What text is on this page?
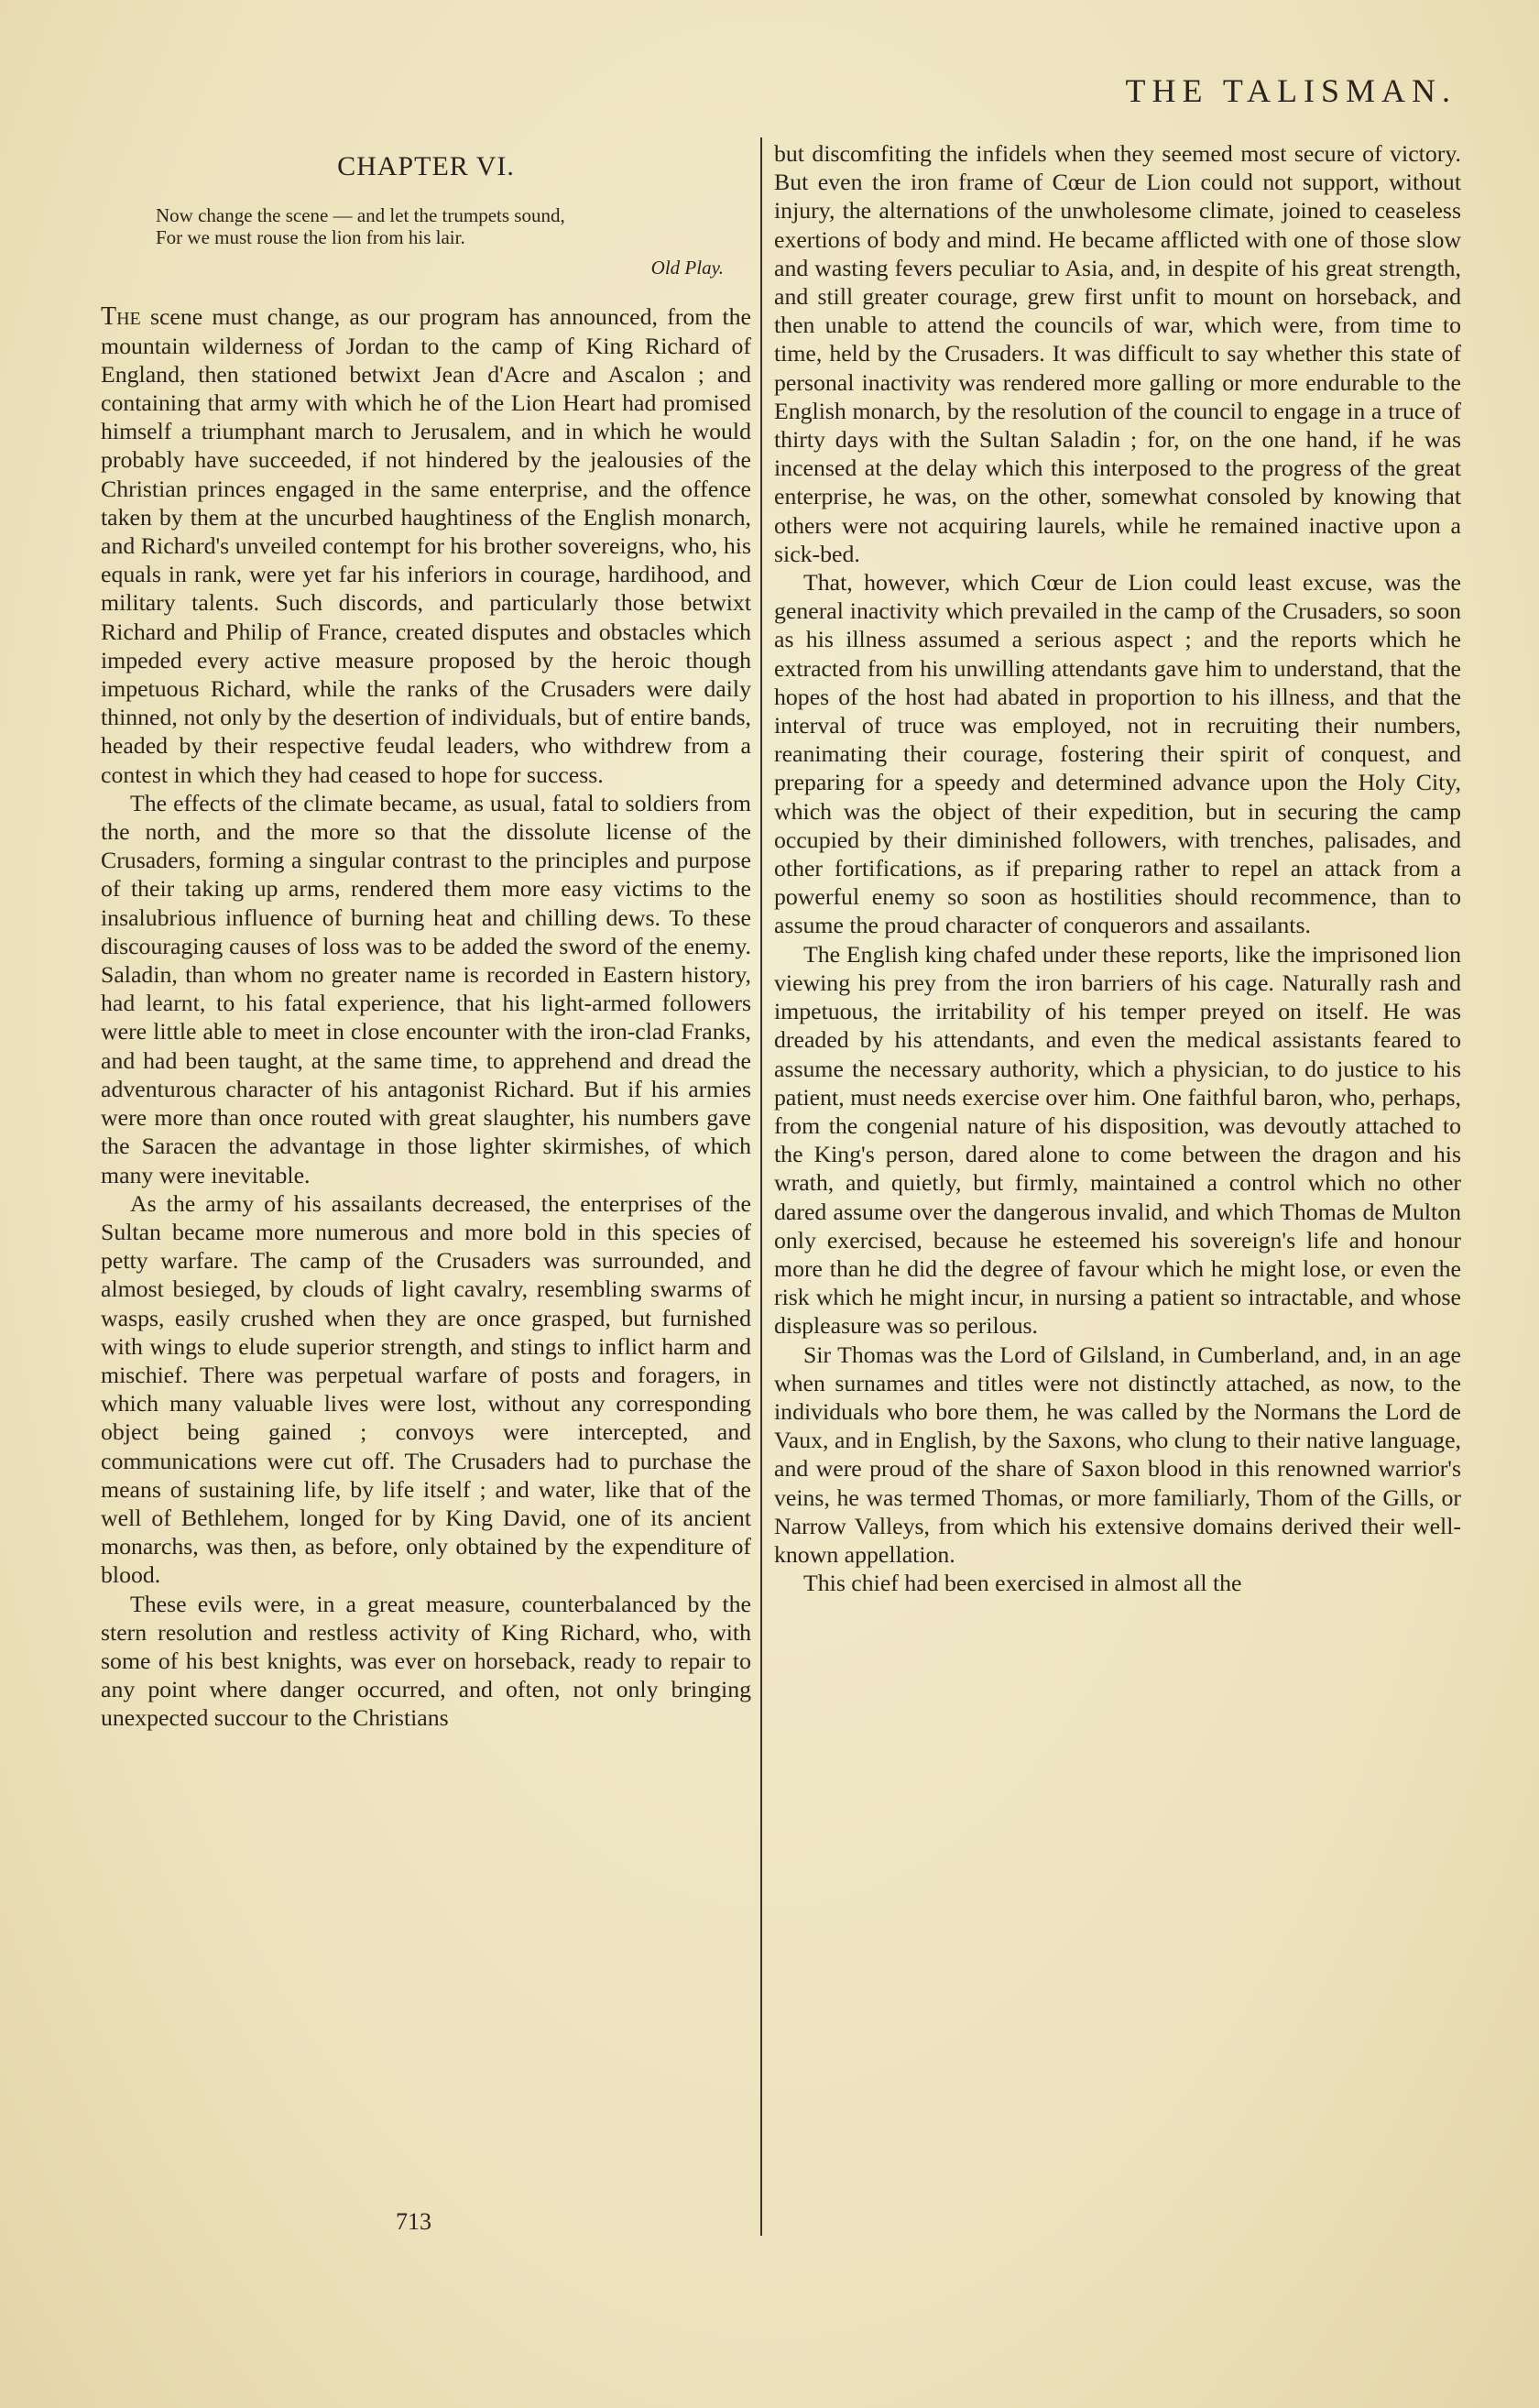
THE TALISMAN.
CHAPTER VI.
Now change the scene — and let the trumpets sound,
For we must rouse the lion from his lair.
Old Play.

The scene must change, as our program has announced, from the mountain wilderness of Jordan to the camp of King Richard of England, then stationed betwixt Jean d'Acre and Ascalon ; and containing that army with which he of the Lion Heart had promised himself a triumphant march to Jerusalem, and in which he would probably have succeeded, if not hindered by the jealousies of the Christian princes engaged in the same enterprise, and the offence taken by them at the uncurbed haughtiness of the English monarch, and Richard's unveiled contempt for his brother sovereigns, who, his equals in rank, were yet far his inferiors in courage, hardihood, and military talents. Such discords, and particularly those betwixt Richard and Philip of France, created disputes and obstacles which impeded every active measure proposed by the heroic though impetuous Richard, while the ranks of the Crusaders were daily thinned, not only by the desertion of individuals, but of entire bands, headed by their respective feudal leaders, who withdrew from a contest in which they had ceased to hope for success.

The effects of the climate became, as usual, fatal to soldiers from the north, and the more so that the dissolute license of the Crusaders, forming a singular contrast to the principles and purpose of their taking up arms, rendered them more easy victims to the insalubrious influence of burning heat and chilling dews. To these discouraging causes of loss was to be added the sword of the enemy. Saladin, than whom no greater name is recorded in Eastern history, had learnt, to his fatal experience, that his light-armed followers were little able to meet in close encounter with the iron-clad Franks, and had been taught, at the same time, to apprehend and dread the adventurous character of his antagonist Richard. But if his armies were more than once routed with great slaughter, his numbers gave the Saracen the advantage in those lighter skirmishes, of which many were inevitable.

As the army of his assailants decreased, the enterprises of the Sultan became more numerous and more bold in this species of petty warfare. The camp of the Crusaders was surrounded, and almost besieged, by clouds of light cavalry, resembling swarms of wasps, easily crushed when they are once grasped, but furnished with wings to elude superior strength, and stings to inflict harm and mischief. There was perpetual warfare of posts and foragers, in which many valuable lives were lost, without any corresponding object being gained ; convoys were intercepted, and communications were cut off. The Crusaders had to purchase the means of sustaining life, by life itself ; and water, like that of the well of Bethlehem, longed for by King David, one of its ancient monarchs, was then, as before, only obtained by the expenditure of blood.

These evils were, in a great measure, counterbalanced by the stern resolution and restless activity of King Richard, who, with some of his best knights, was ever on horseback, ready to repair to any point where danger occurred, and often, not only bringing unexpected succour to the Christians

but discomfiting the infidels when they seemed most secure of victory. But even the iron frame of Cœur de Lion could not support, without injury, the alternations of the unwholesome climate, joined to ceaseless exertions of body and mind. He became afflicted with one of those slow and wasting fevers peculiar to Asia, and, in despite of his great strength, and still greater courage, grew first unfit to mount on horseback, and then unable to attend the councils of war, which were, from time to time, held by the Crusaders. It was difficult to say whether this state of personal inactivity was rendered more galling or more endurable to the English monarch, by the resolution of the council to engage in a truce of thirty days with the Sultan Saladin ; for, on the one hand, if he was incensed at the delay which this interposed to the progress of the great enterprise, he was, on the other, somewhat consoled by knowing that others were not acquiring laurels, while he remained inactive upon a sick-bed.

That, however, which Cœur de Lion could least excuse, was the general inactivity which prevailed in the camp of the Crusaders, so soon as his illness assumed a serious aspect ; and the reports which he extracted from his unwilling attendants gave him to understand, that the hopes of the host had abated in proportion to his illness, and that the interval of truce was employed, not in recruiting their numbers, reanimating their courage, fostering their spirit of conquest, and preparing for a speedy and determined advance upon the Holy City, which was the object of their expedition, but in securing the camp occupied by their diminished followers, with trenches, palisades, and other fortifications, as if preparing rather to repel an attack from a powerful enemy so soon as hostilities should recommence, than to assume the proud character of conquerors and assailants.

The English king chafed under these reports, like the imprisoned lion viewing his prey from the iron barriers of his cage. Naturally rash and impetuous, the irritability of his temper preyed on itself. He was dreaded by his attendants, and even the medical assistants feared to assume the necessary authority, which a physician, to do justice to his patient, must needs exercise over him. One faithful baron, who, perhaps, from the congenial nature of his disposition, was devoutly attached to the King's person, dared alone to come between the dragon and his wrath, and quietly, but firmly, maintained a control which no other dared assume over the dangerous invalid, and which Thomas de Multon only exercised, because he esteemed his sovereign's life and honour more than he did the degree of favour which he might lose, or even the risk which he might incur, in nursing a patient so intractable, and whose displeasure was so perilous.

Sir Thomas was the Lord of Gilsland, in Cumberland, and, in an age when surnames and titles were not distinctly attached, as now, to the individuals who bore them, he was called by the Normans the Lord de Vaux, and in English, by the Saxons, who clung to their native language, and were proud of the share of Saxon blood in this renowned warrior's veins, he was termed Thomas, or more familiarly, Thom of the Gills, or Narrow Valleys, from which his extensive domains derived their well-known appellation.

This chief had been exercised in almost all the

713
